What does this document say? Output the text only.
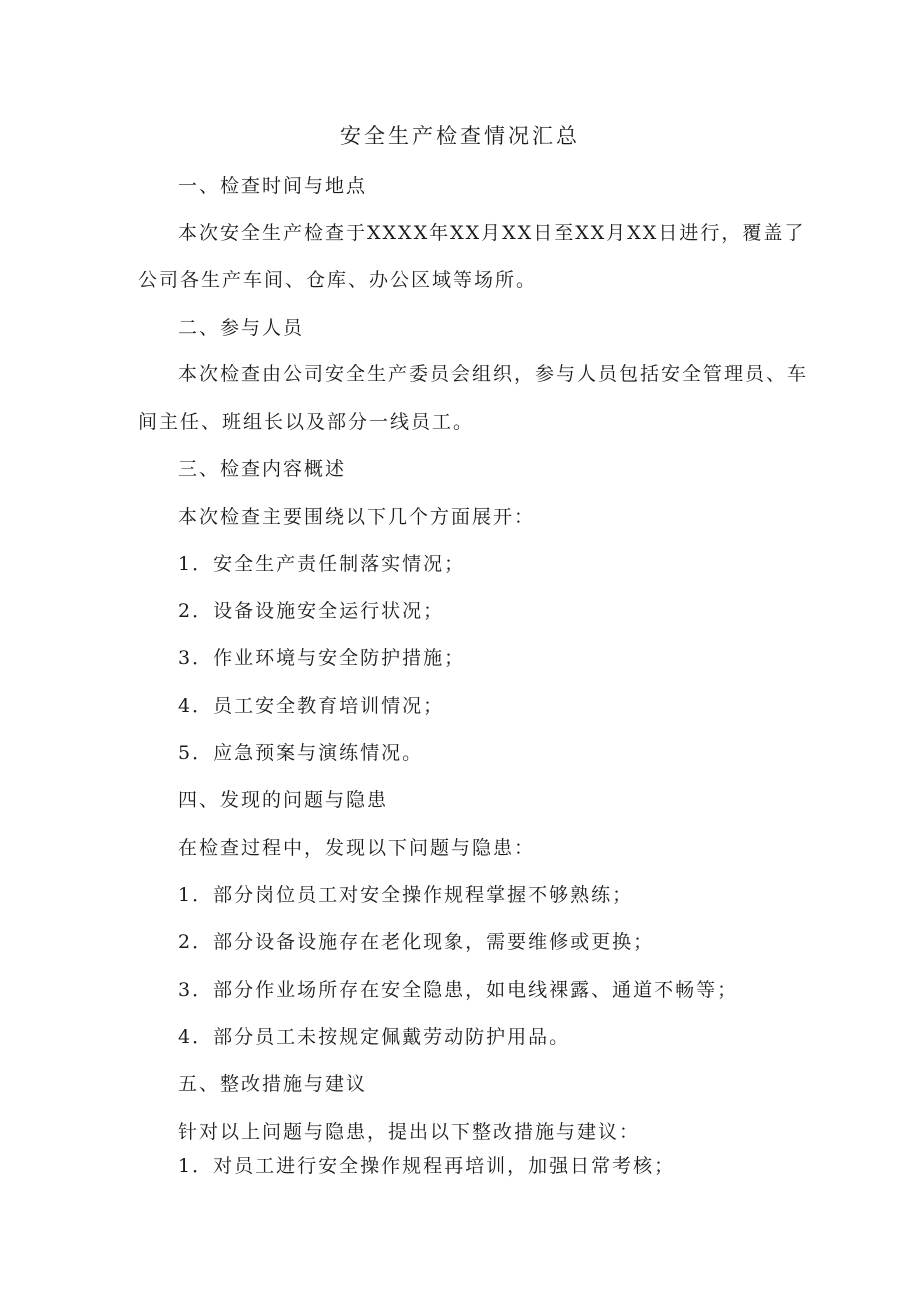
安全生产检查情况汇总
一、检查时间与地点
本次安全生产检查于XXXX年XX月XX日至XX月XX日进行，覆盖了
公司各生产车间、仓库、办公区域等场所。
二、参与人员
本次检查由公司安全生产委员会组织，参与人员包括安全管理员、车
间主任、班组长以及部分一线员工。
三、检查内容概述
本次检查主要围绕以下几个方面展开：
1．安全生产责任制落实情况；
2．设备设施安全运行状况；
3．作业环境与安全防护措施；
4．员工安全教育培训情况；
5．应急预案与演练情况。
四、发现的问题与隐患
在检查过程中，发现以下问题与隐患：
1．部分岗位员工对安全操作规程掌握不够熟练；
2．部分设备设施存在老化现象，需要维修或更换；
3．部分作业场所存在安全隐患，如电线裸露、通道不畅等；
4．部分员工未按规定佩戴劳动防护用品。
五、整改措施与建议
针对以上问题与隐患，提出以下整改措施与建议：
1．对员工进行安全操作规程再培训，加强日常考核；
